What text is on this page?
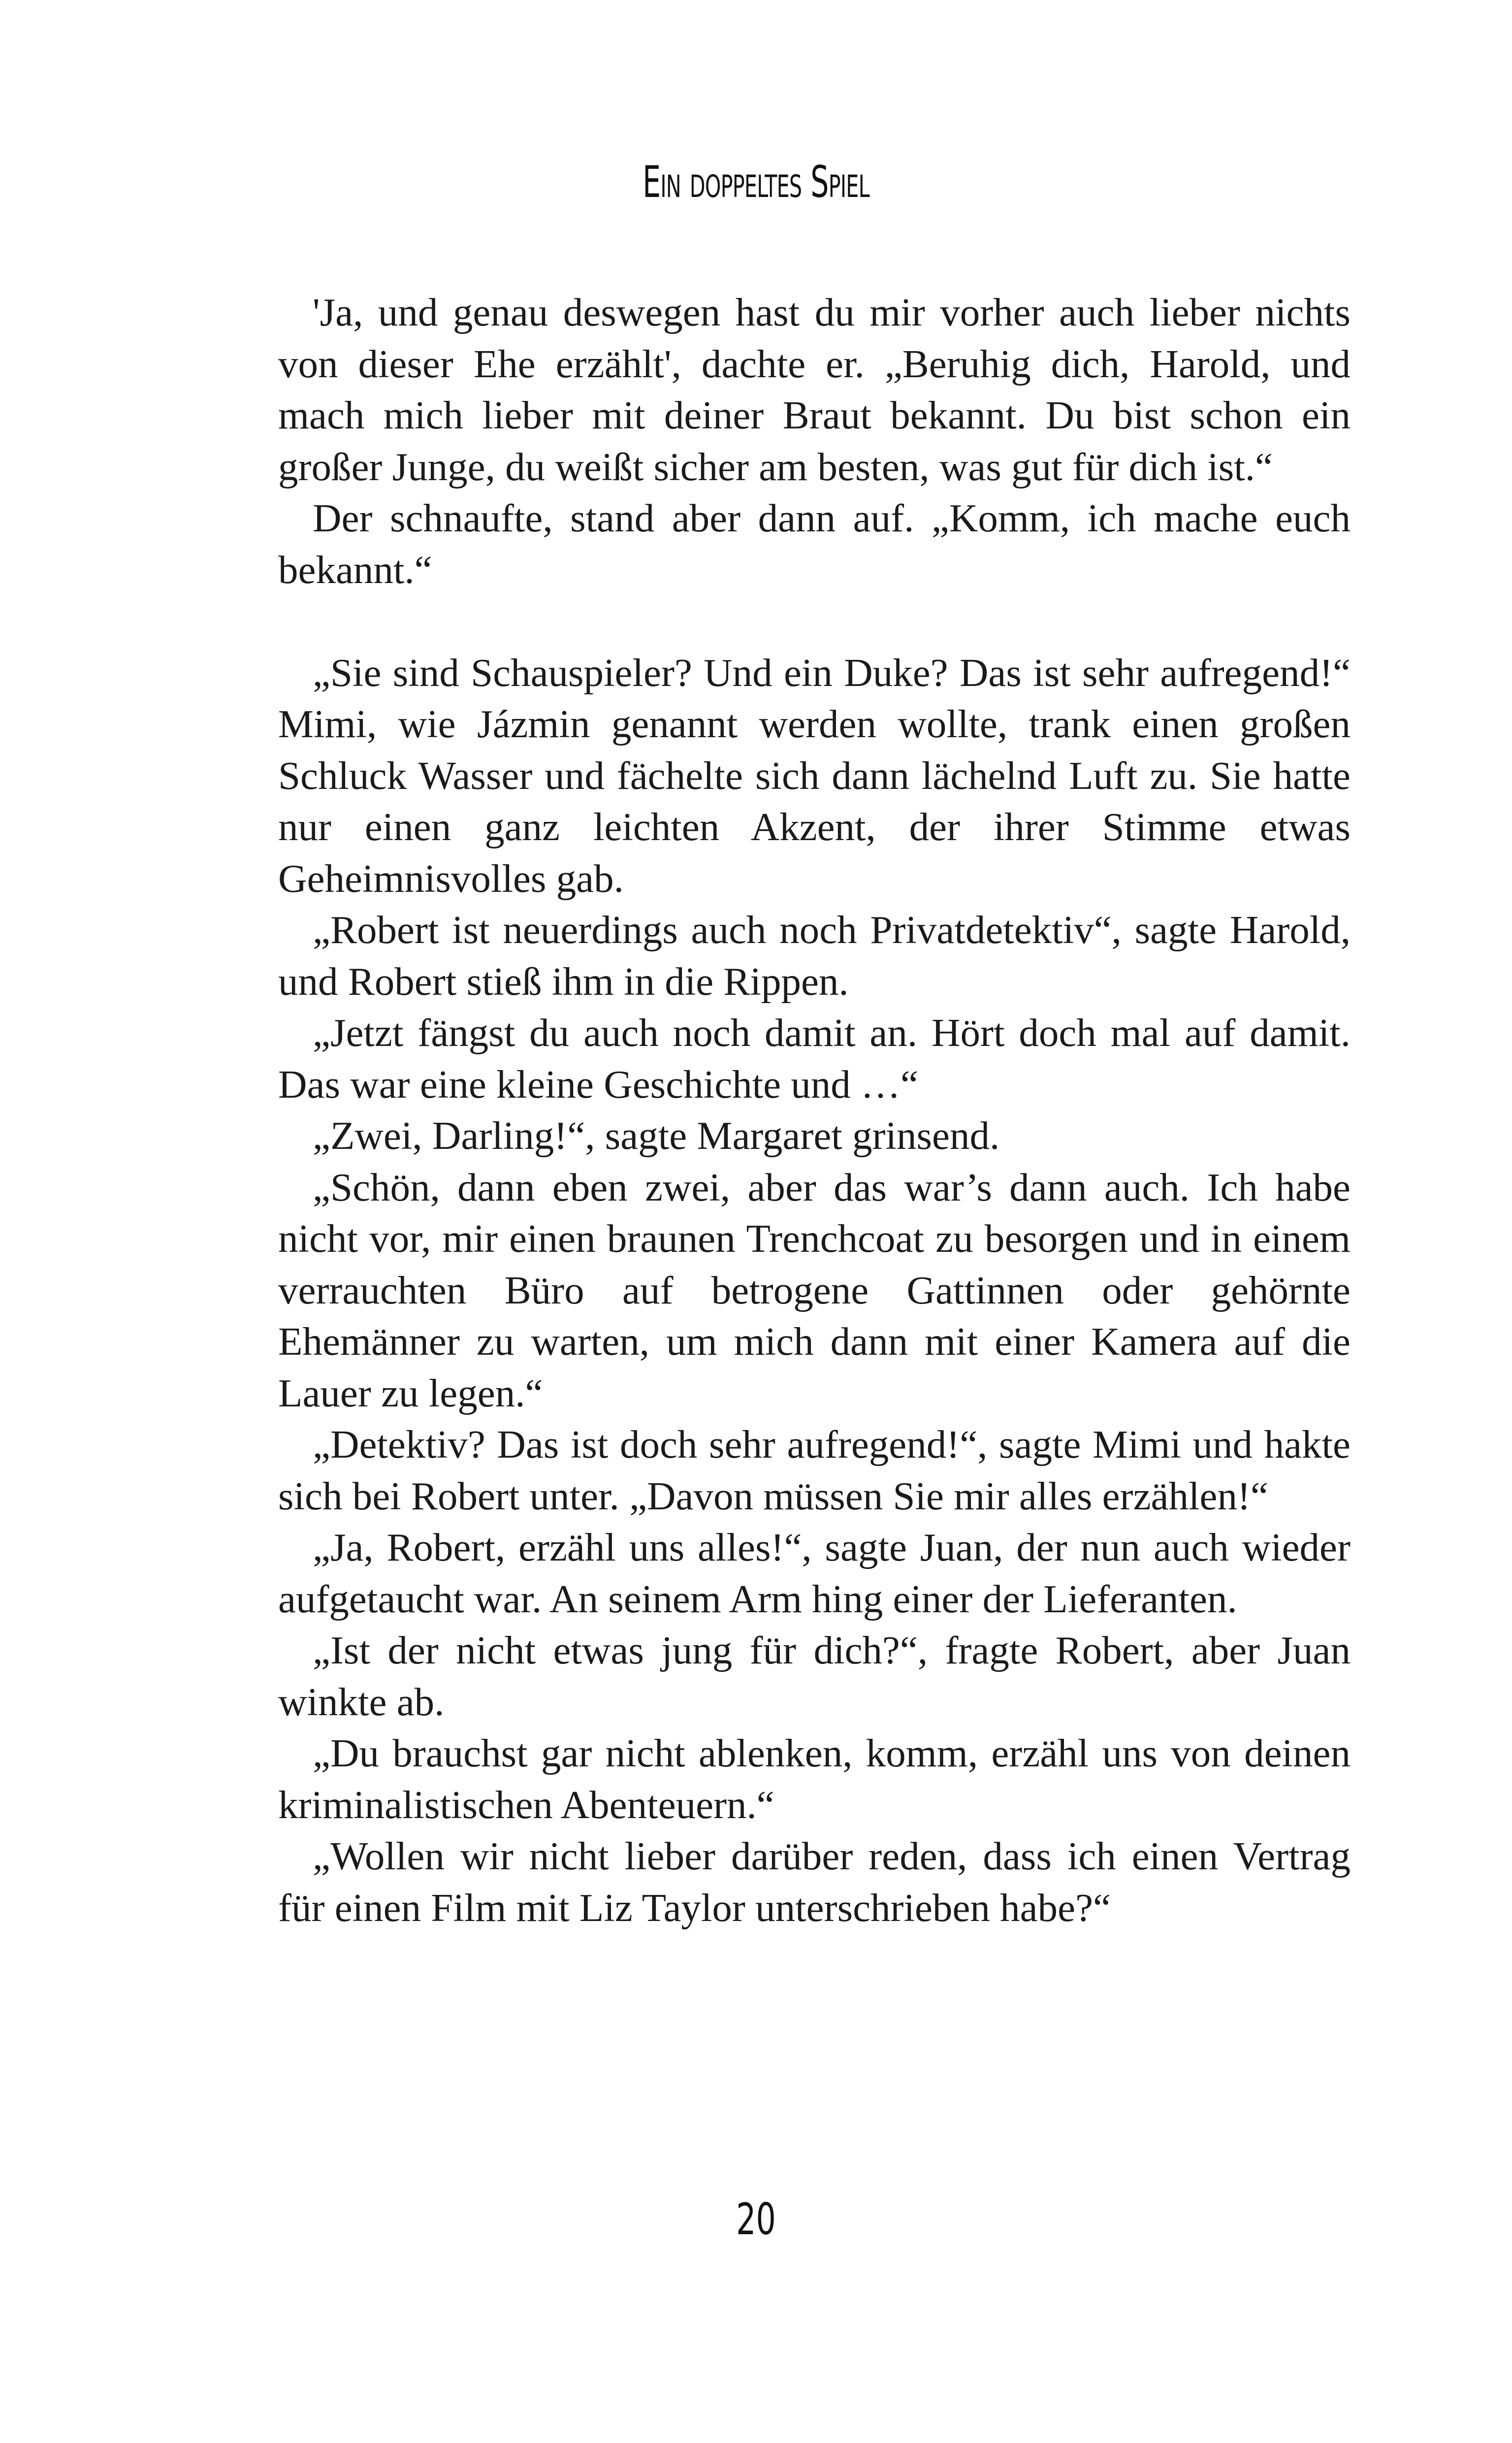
Ein doppeltes Spiel

'Ja, und genau deswegen hast du mir vorher auch lieber nichts von dieser Ehe erzählt', dachte er. „Beruhig dich, Harold, und mach mich lieber mit deiner Braut bekannt. Du bist schon ein großer Junge, du weißt sicher am besten, was gut für dich ist.“

Der schnaufte, stand aber dann auf. „Komm, ich mache euch bekannt.“

„Sie sind Schauspieler? Und ein Duke? Das ist sehr aufregend!“ Mimi, wie Jázmin genannt werden wollte, trank einen großen Schluck Wasser und fächelte sich dann lächelnd Luft zu. Sie hatte nur einen ganz leichten Akzent, der ihrer Stimme etwas Geheimnisvolles gab.

„Robert ist neuerdings auch noch Privatdetektiv“, sagte Harold, und Robert stieß ihm in die Rippen.

„Jetzt fängst du auch noch damit an. Hört doch mal auf damit. Das war eine kleine Geschichte und …“

„Zwei, Darling!“, sagte Margaret grinsend.

„Schön, dann eben zwei, aber das war’s dann auch. Ich habe nicht vor, mir einen braunen Trenchcoat zu besorgen und in einem verrauchten Büro auf betrogene Gattinnen oder gehörnte Ehemänner zu warten, um mich dann mit einer Kamera auf die Lauer zu legen.“

„Detektiv? Das ist doch sehr aufregend!“, sagte Mimi und hakte sich bei Robert unter. „Davon müssen Sie mir alles erzählen!“

„Ja, Robert, erzähl uns alles!“, sagte Juan, der nun auch wieder aufgetaucht war. An seinem Arm hing einer der Lieferanten.

„Ist der nicht etwas jung für dich?“, fragte Robert, aber Juan winkte ab.

„Du brauchst gar nicht ablenken, komm, erzähl uns von deinen kriminalistischen Abenteuern.“

„Wollen wir nicht lieber darüber reden, dass ich einen Vertrag für einen Film mit Liz Taylor unterschrieben habe?“

20
